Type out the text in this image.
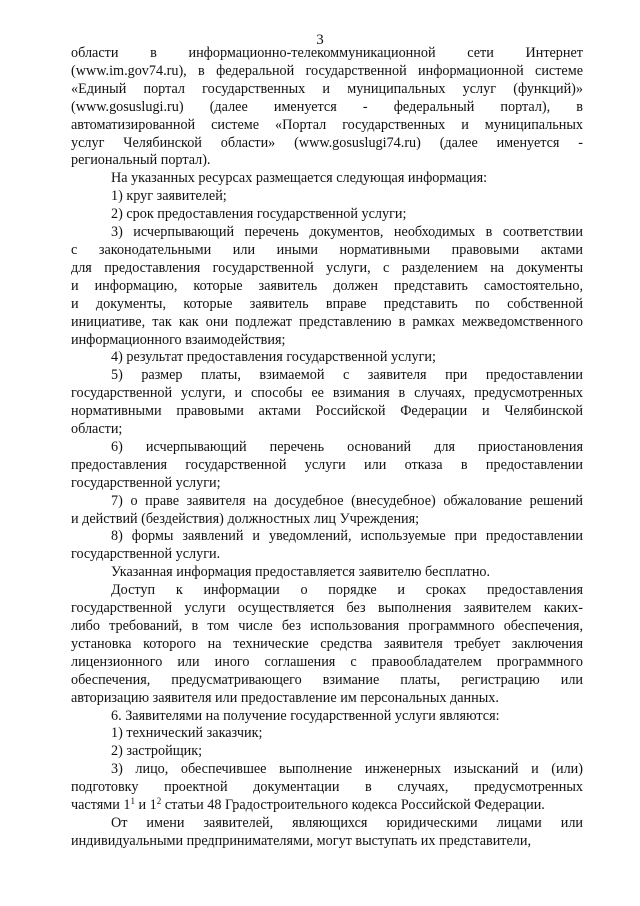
3
области в информационно-телекоммуникационной сети Интернет
(www.im.gov74.ru), в федеральной государственной информационной системе
«Единый портал государственных и муниципальных услуг (функций)»
(www.gosuslugi.ru) (далее именуется - федеральный портал), в
автоматизированной системе «Портал государственных и муниципальных
услуг Челябинской области» (www.gosuslugi74.ru) (далее именуется -
региональный портал).
На указанных ресурсах размещается следующая информация:
1) круг заявителей;
2) срок предоставления государственной услуги;
3) исчерпывающий перечень документов, необходимых в соответствии
с законодательными или иными нормативными правовыми актами
для предоставления государственной услуги, с разделением на документы
и информацию, которые заявитель должен представить самостоятельно,
и документы, которые заявитель вправе представить по собственной
инициативе, так как они подлежат представлению в рамках межведомственного
информационного взаимодействия;
4) результат предоставления государственной услуги;
5) размер платы, взимаемой с заявителя при предоставлении
государственной услуги, и способы ее взимания в случаях, предусмотренных
нормативными правовыми актами Российской Федерации и Челябинской
области;
6) исчерпывающий перечень оснований для приостановления
предоставления государственной услуги или отказа в предоставлении
государственной услуги;
7) о праве заявителя на досудебное (внесудебное) обжалование решений
и действий (бездействия) должностных лиц Учреждения;
8) формы заявлений и уведомлений, используемые при предоставлении
государственной услуги.
Указанная информация предоставляется заявителю бесплатно.
Доступ к информации о порядке и сроках предоставления
государственной услуги осуществляется без выполнения заявителем каких-
либо требований, в том числе без использования программного обеспечения,
установка которого на технические средства заявителя требует заключения
лицензионного или иного соглашения с правообладателем программного
обеспечения, предусматривающего взимание платы, регистрацию или
авторизацию заявителя или предоставление им персональных данных.
6. Заявителями на получение государственной услуги являются:
1) технический заказчик;
2) застройщик;
3) лицо, обеспечившее выполнение инженерных изысканий и (или)
подготовку проектной документации в случаях, предусмотренных
частями $1^1$ и $1^2$ статьи 48 Градостроительного кодекса Российской Федерации.
От имени заявителей, являющихся юридическими лицами или
индивидуальными предпринимателями, могут выступать их представители,
